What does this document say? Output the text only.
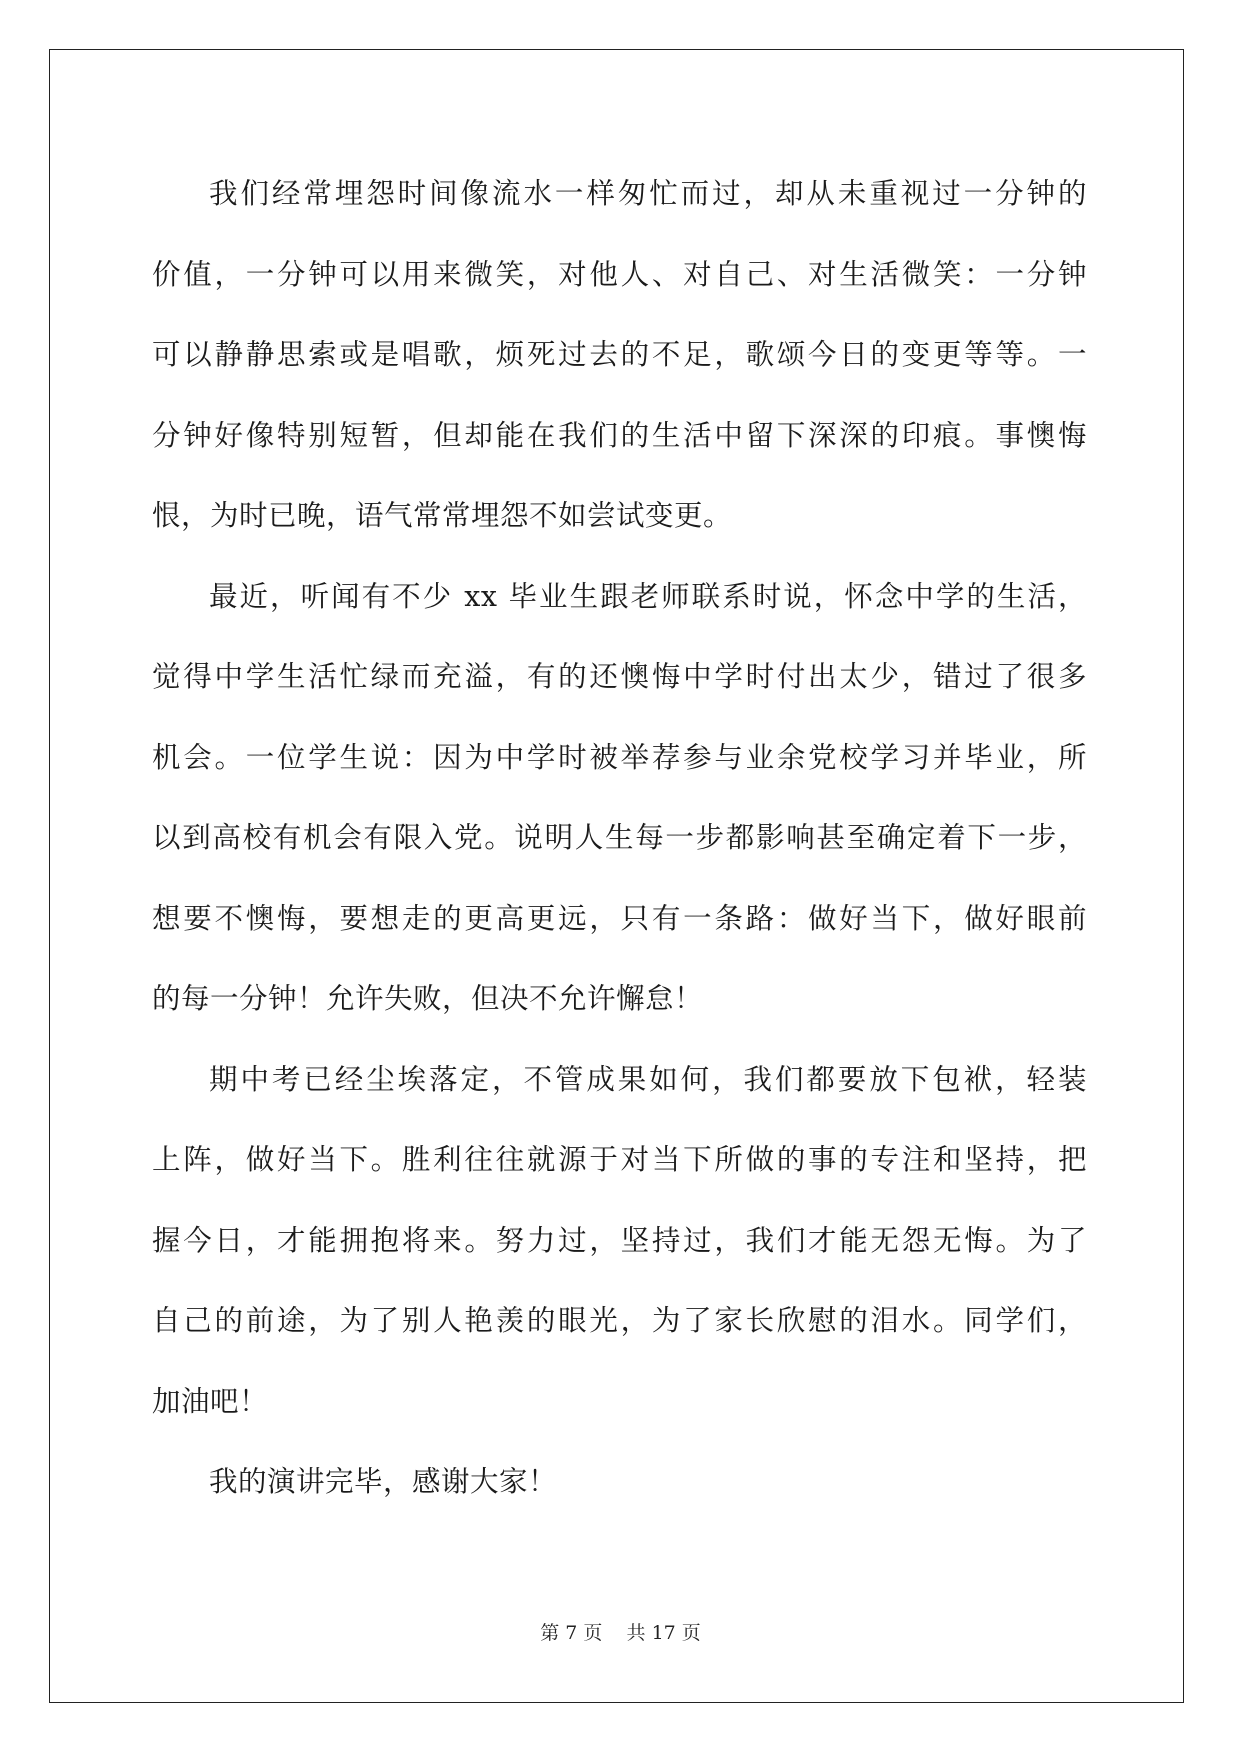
我们经常埋怨时间像流水一样匆忙而过，却从未重视过一分钟的
价值，一分钟可以用来微笑，对他人、对自己、对生活微笑：一分钟
可以静静思索或是唱歌，烦死过去的不足，歌颂今日的变更等等。一
分钟好像特别短暂，但却能在我们的生活中留下深深的印痕。事懊悔
恨，为时已晚，语气常常埋怨不如尝试变更。
最近，听闻有不少 xx 毕业生跟老师联系时说，怀念中学的生活，
觉得中学生活忙绿而充溢，有的还懊悔中学时付出太少，错过了很多
机会。一位学生说：因为中学时被举荐参与业余党校学习并毕业，所
以到高校有机会有限入党。说明人生每一步都影响甚至确定着下一步，
想要不懊悔，要想走的更高更远，只有一条路：做好当下，做好眼前
的每一分钟！允许失败，但决不允许懈怠！
期中考已经尘埃落定，不管成果如何，我们都要放下包袱，轻装
上阵，做好当下。胜利往往就源于对当下所做的事的专注和坚持，把
握今日，才能拥抱将来。努力过，坚持过，我们才能无怨无悔。为了
自己的前途，为了别人艳羡的眼光，为了家长欣慰的泪水。同学们，
加油吧！
我的演讲完毕，感谢大家！
第 7 页 共 17 页
